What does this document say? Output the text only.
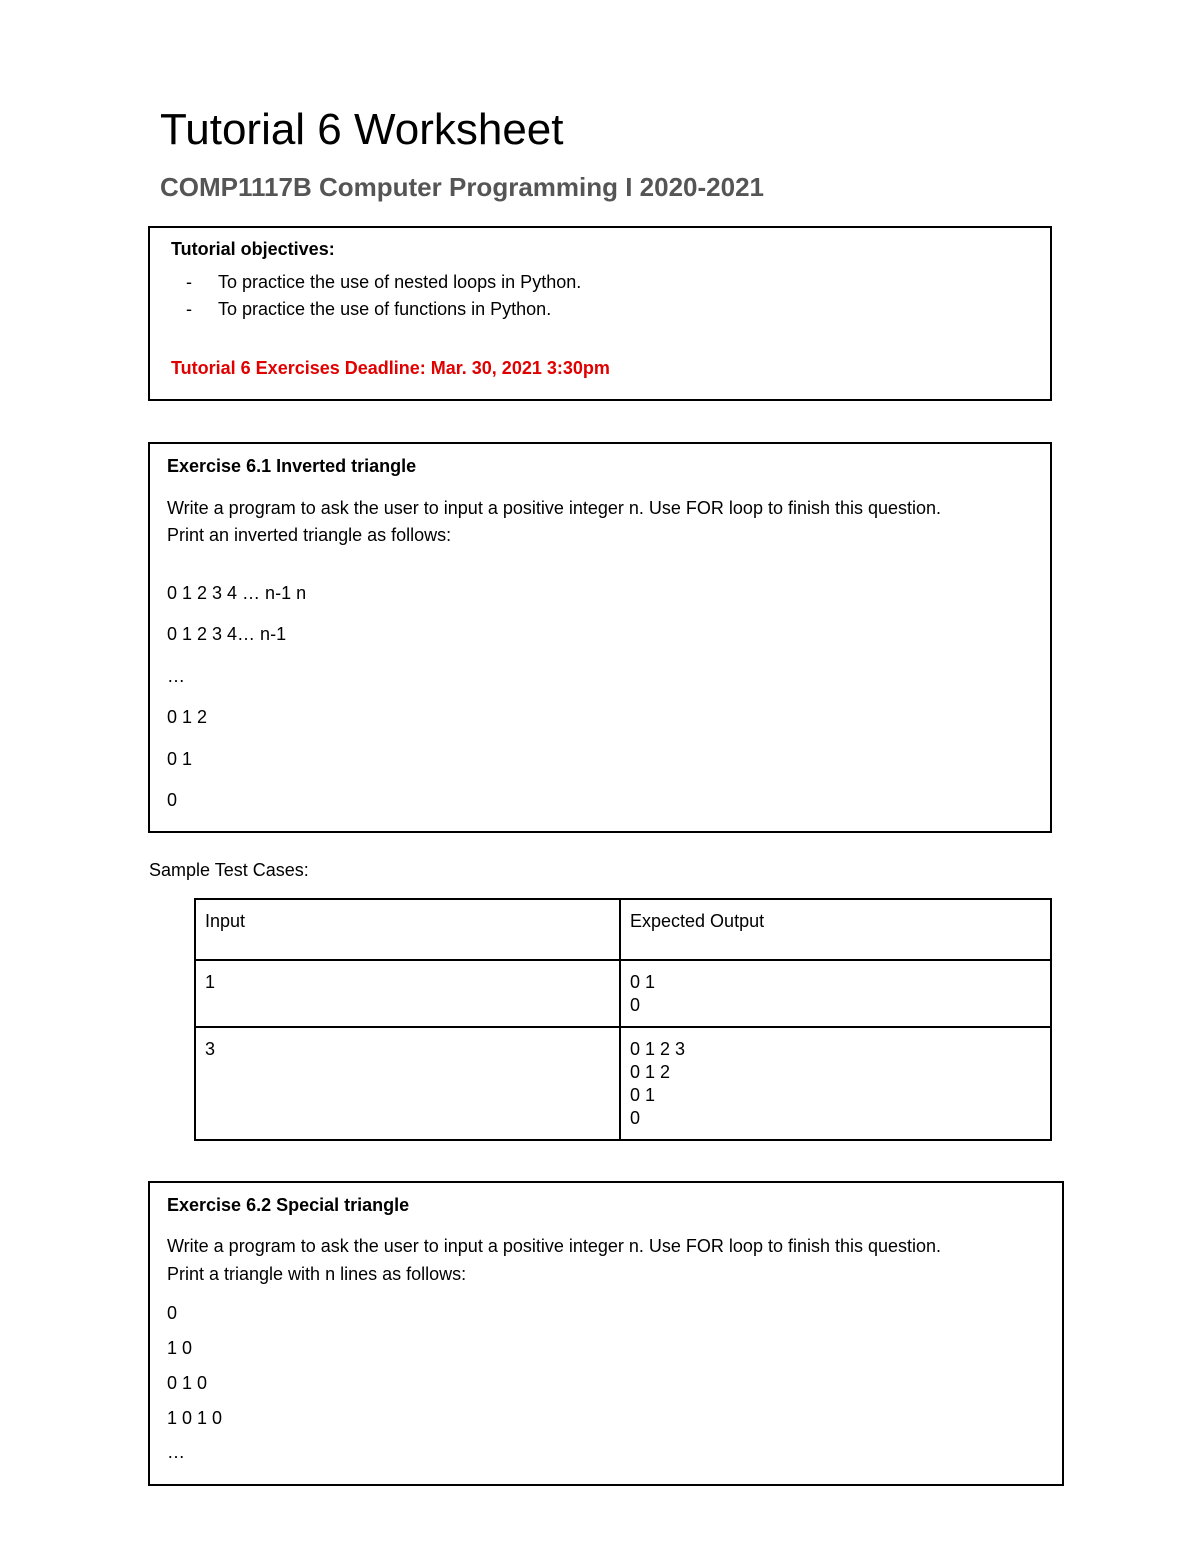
Tutorial 6 Worksheet
COMP1117B Computer Programming I 2020-2021

Tutorial objectives:

- To practice the use of nested loops in Python.
- To practice the use of functions in Python.

Tutorial 6 Exercises Deadline: Mar. 30, 2021 3:30pm

Exercise 6.1 Inverted triangle

Write a program to ask the user to input a positive integer n. Use FOR loop to finish this question.

Print an inverted triangle as follows:

0 1 2 3 4 … n-1 n

0 1 2 3 4… n-1

…

0 1 2

0 1

0

Sample Test Cases:

Input	Expected Output
1	0 1
0

3	0 1 2 3
0 1 2
0 1
0

Exercise 6.2 Special triangle

Write a program to ask the user to input a positive integer n. Use FOR loop to finish this question.

Print a triangle with n lines as follows:

0

1 0

0 1 0

1 0 1 0

…
